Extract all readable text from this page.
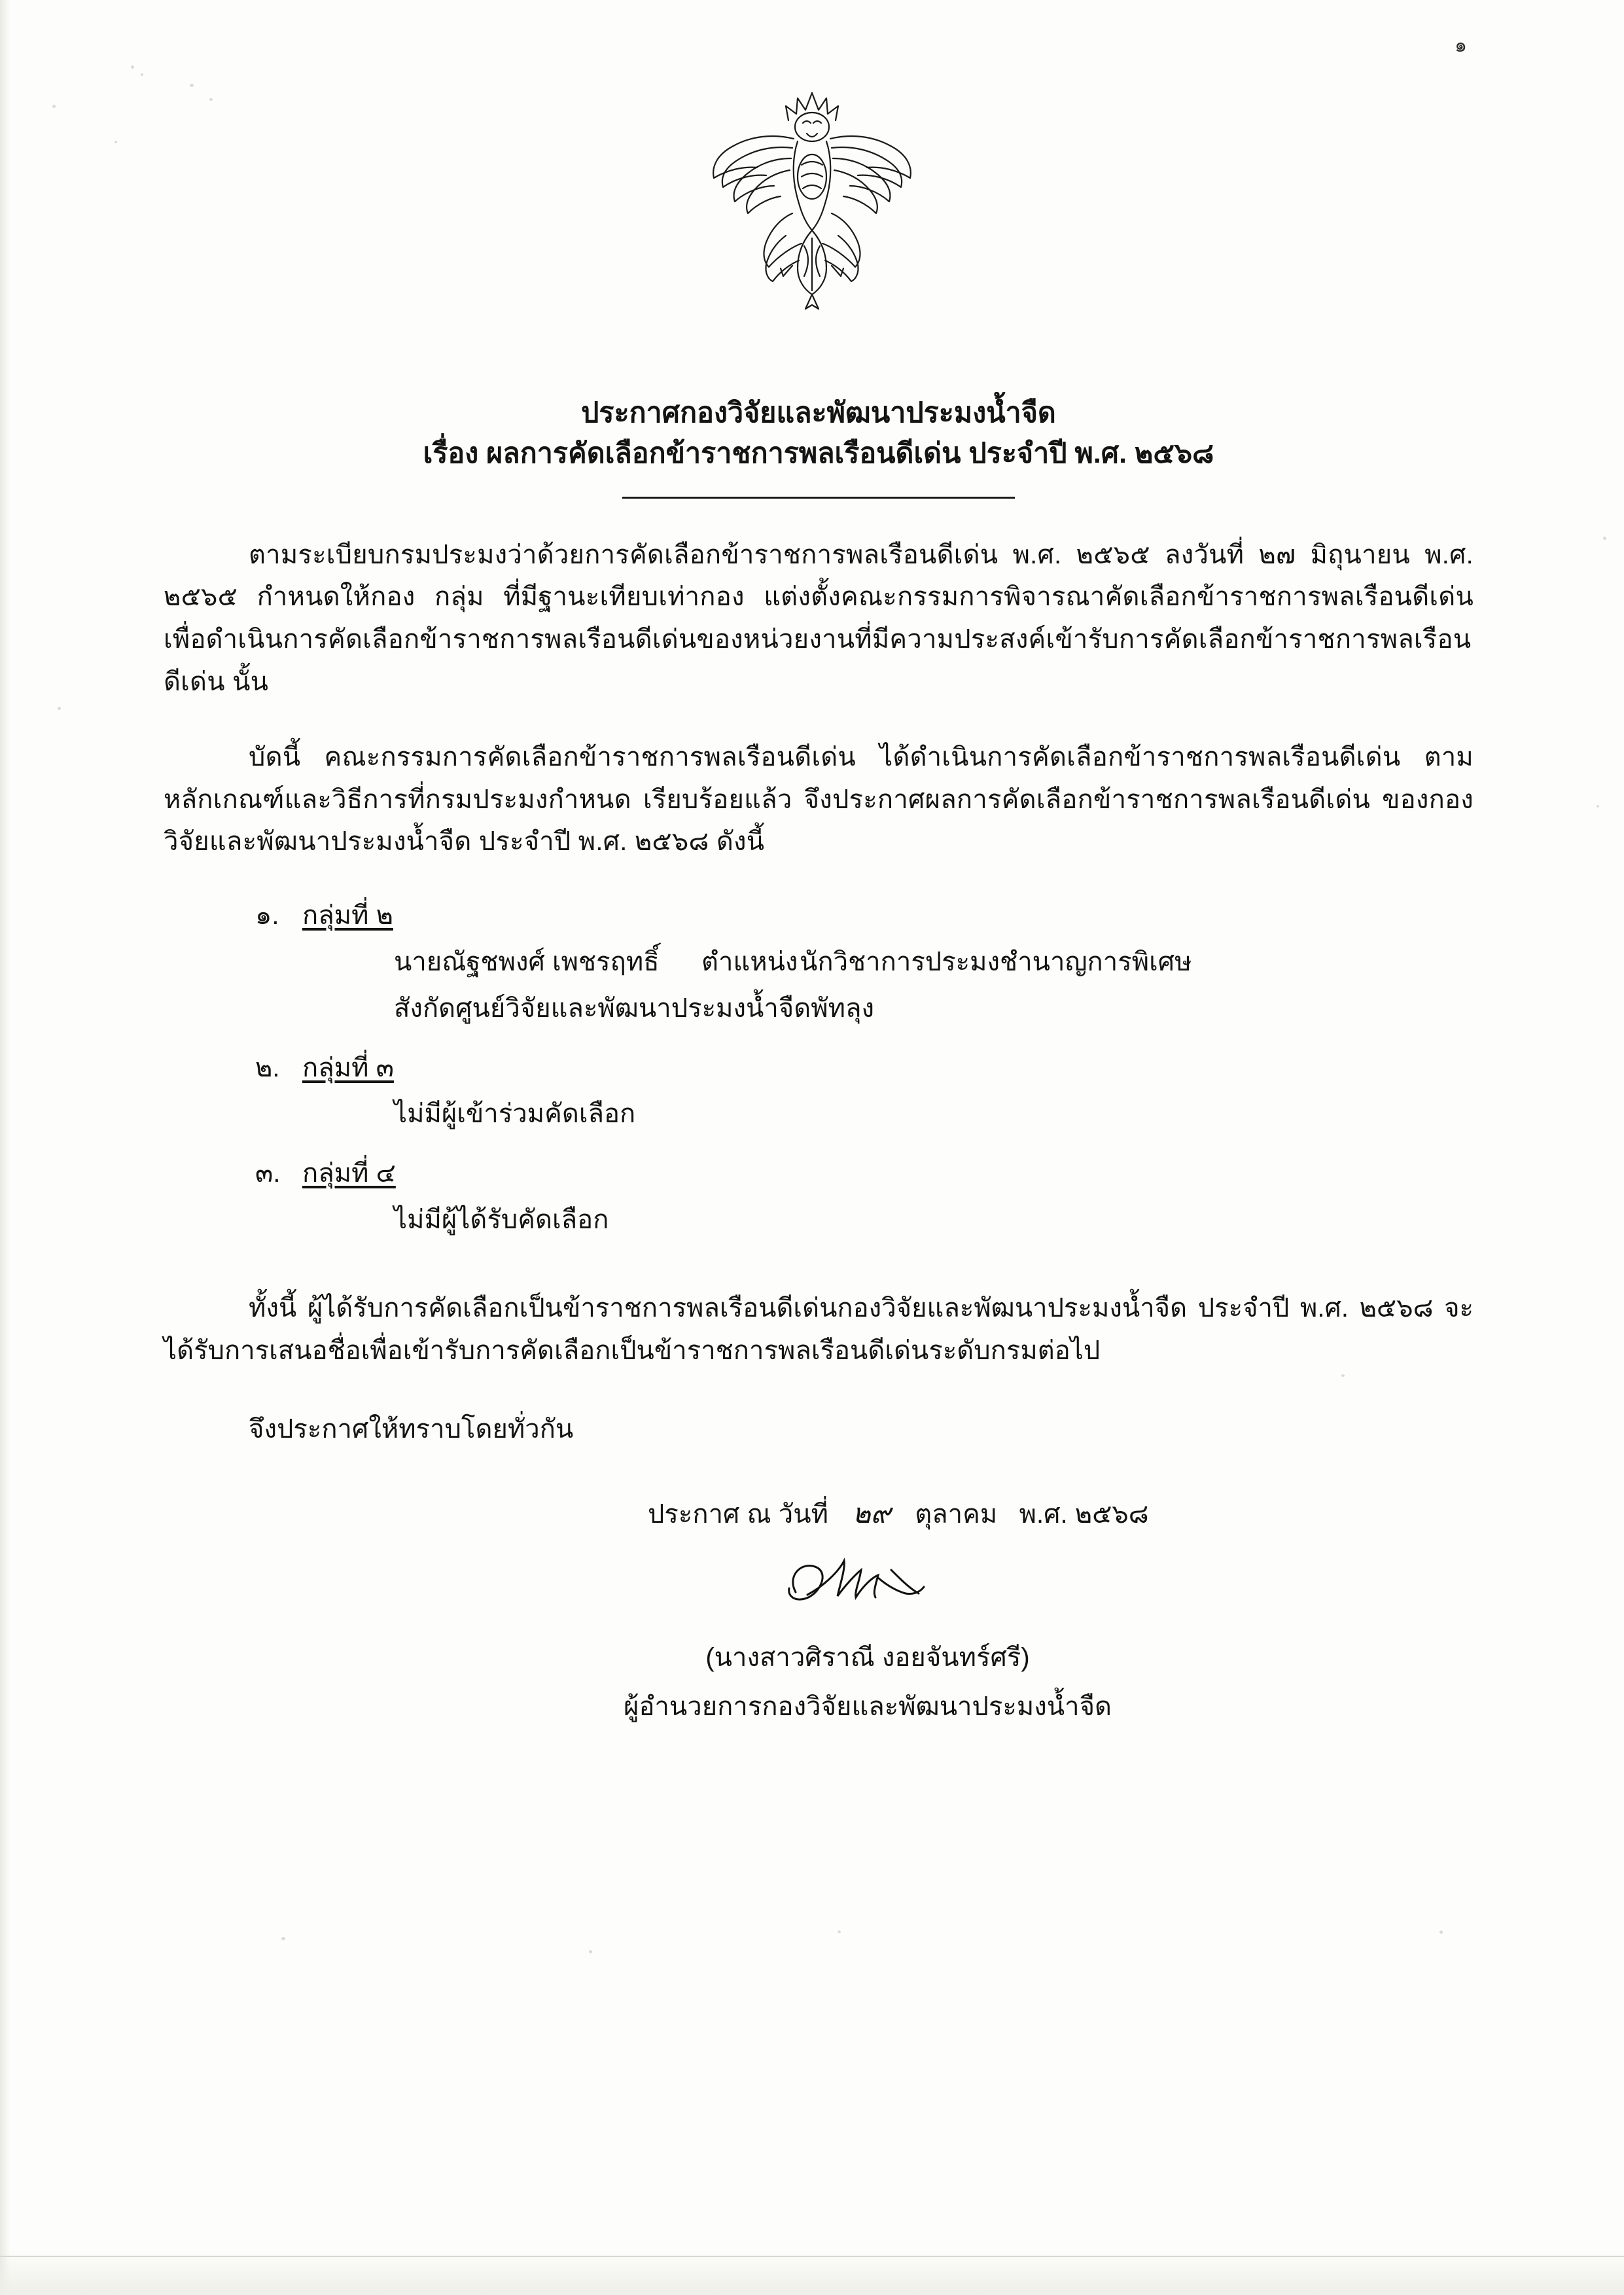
๑
ประกาศกองวิจัยและพัฒนาประมงน้ำจืด
เรื่อง ผลการคัดเลือกข้าราชการพลเรือนดีเด่น ประจำปี พ.ศ. ๒๕๖๘
ตามระเบียบกรมประมงว่าด้วยการคัดเลือกข้าราชการพลเรือนดีเด่น พ.ศ. ๒๕๖๕ ลงวันที่ ๒๗ มิถุนายน พ.ศ. ๒๕๖๕ กำหนดให้กอง กลุ่ม ที่มีฐานะเทียบเท่ากอง แต่งตั้งคณะกรรมการพิจารณาคัดเลือกข้าราชการพลเรือนดีเด่น เพื่อดำเนินการคัดเลือกข้าราชการพลเรือนดีเด่นของหน่วยงานที่มีความประสงค์เข้ารับการคัดเลือกข้าราชการพลเรือนดีเด่น นั้น
บัดนี้ คณะกรรมการคัดเลือกข้าราชการพลเรือนดีเด่น ได้ดำเนินการคัดเลือกข้าราชการพลเรือนดีเด่น ตามหลักเกณฑ์และวิธีการที่กรมประมงกำหนด เรียบร้อยแล้ว จึงประกาศผลการคัดเลือกข้าราชการพลเรือนดีเด่น ของกองวิจัยและพัฒนาประมงน้ำจืด ประจำปี พ.ศ. ๒๕๖๘ ดังนี้
๑. กลุ่มที่ ๒
นายณัฐชพงศ์ เพชรฤทธิ์	ตำแหน่ง นักวิชาการประมงชำนาญการพิเศษ
สังกัดศูนย์วิจัยและพัฒนาประมงน้ำจืดพัทลุง
๒. กลุ่มที่ ๓
ไม่มีผู้เข้าร่วมคัดเลือก
๓. กลุ่มที่ ๔
ไม่มีผู้ได้รับคัดเลือก
ทั้งนี้ ผู้ได้รับการคัดเลือกเป็นข้าราชการพลเรือนดีเด่นกองวิจัยและพัฒนาประมงน้ำจืด ประจำปี พ.ศ. ๒๕๖๘ จะได้รับการเสนอชื่อเพื่อเข้ารับการคัดเลือกเป็นข้าราชการพลเรือนดีเด่นระดับกรมต่อไป
จึงประกาศให้ทราบโดยทั่วกัน
ประกาศ ณ วันที่ ๒๙ ตุลาคม พ.ศ. ๒๕๖๘
(นางสาวศิราณี งอยจันทร์ศรี)
ผู้อำนวยการกองวิจัยและพัฒนาประมงน้ำจืด
